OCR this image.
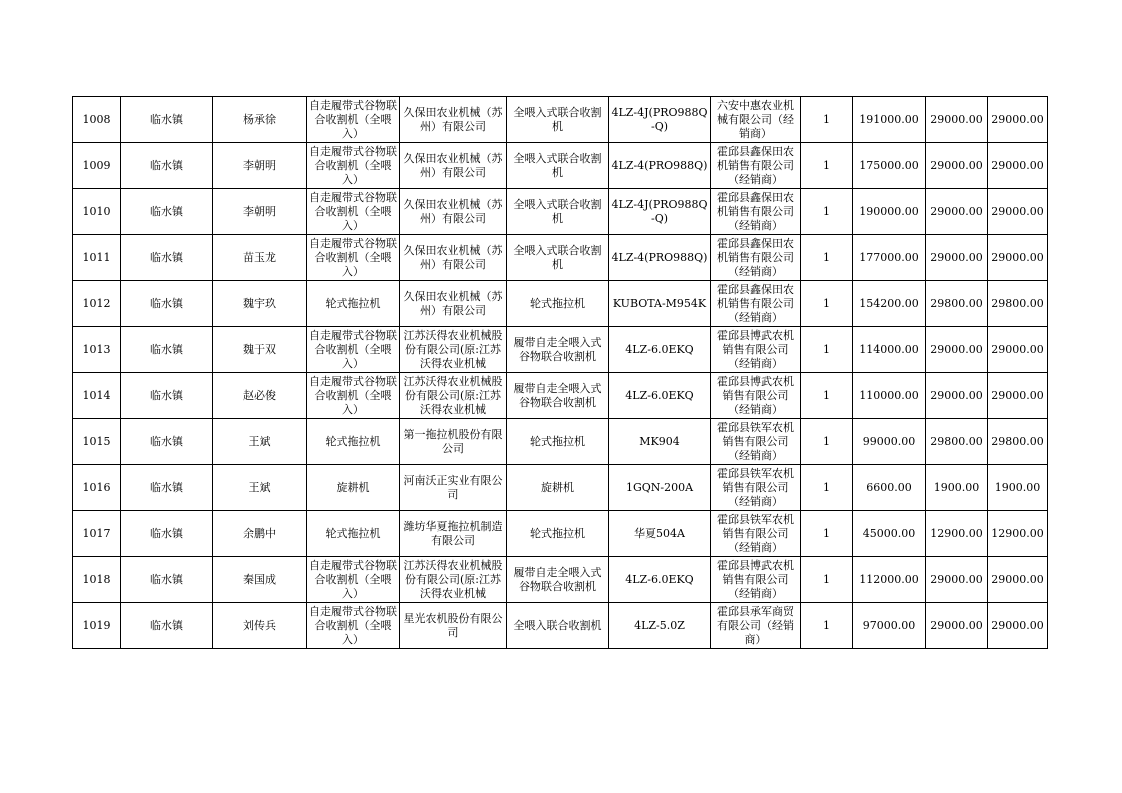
1008	临水镇	杨承徐	自走履带式谷物联合收割机（全喂入）	久保田农业机械（苏州）有限公司	全喂入式联合收割机	4LZ-4J(PRO988Q-Q)	六安中惠农业机械有限公司（经销商）	1	191000.00	29000.00	29000.00
1009	临水镇	李朝明	自走履带式谷物联合收割机（全喂入）	久保田农业机械（苏州）有限公司	全喂入式联合收割机	4LZ-4(PRO988Q)	霍邱县鑫保田农机销售有限公司（经销商）	1	175000.00	29000.00	29000.00
1010	临水镇	李朝明	自走履带式谷物联合收割机（全喂入）	久保田农业机械（苏州）有限公司	全喂入式联合收割机	4LZ-4J(PRO988Q-Q)	霍邱县鑫保田农机销售有限公司（经销商）	1	190000.00	29000.00	29000.00
1011	临水镇	苗玉龙	自走履带式谷物联合收割机（全喂入）	久保田农业机械（苏州）有限公司	全喂入式联合收割机	4LZ-4(PRO988Q)	霍邱县鑫保田农机销售有限公司（经销商）	1	177000.00	29000.00	29000.00
1012	临水镇	魏宇玖	轮式拖拉机	久保田农业机械（苏州）有限公司	轮式拖拉机	KUBOTA-M954K	霍邱县鑫保田农机销售有限公司（经销商）	1	154200.00	29800.00	29800.00
1013	临水镇	魏于双	自走履带式谷物联合收割机（全喂入）	江苏沃得农业机械股份有限公司(原:江苏沃得农业机械	履带自走全喂入式谷物联合收割机	4LZ-6.0EKQ	霍邱县博武农机销售有限公司（经销商）	1	114000.00	29000.00	29000.00
1014	临水镇	赵必俊	自走履带式谷物联合收割机（全喂入）	江苏沃得农业机械股份有限公司(原:江苏沃得农业机械	履带自走全喂入式谷物联合收割机	4LZ-6.0EKQ	霍邱县博武农机销售有限公司（经销商）	1	110000.00	29000.00	29000.00
1015	临水镇	王斌	轮式拖拉机	第一拖拉机股份有限公司	轮式拖拉机	MK904	霍邱县铁军农机销售有限公司（经销商）	1	99000.00	29800.00	29800.00
1016	临水镇	王斌	旋耕机	河南沃正实业有限公司	旋耕机	1GQN-200A	霍邱县铁军农机销售有限公司（经销商）	1	6600.00	1900.00	1900.00
1017	临水镇	余鹏中	轮式拖拉机	潍坊华夏拖拉机制造有限公司	轮式拖拉机	华夏504A	霍邱县铁军农机销售有限公司（经销商）	1	45000.00	12900.00	12900.00
1018	临水镇	秦国成	自走履带式谷物联合收割机（全喂入）	江苏沃得农业机械股份有限公司(原:江苏沃得农业机械	履带自走全喂入式谷物联合收割机	4LZ-6.0EKQ	霍邱县博武农机销售有限公司（经销商）	1	112000.00	29000.00	29000.00
1019	临水镇	刘传兵	自走履带式谷物联合收割机（全喂入）	星光农机股份有限公司	全喂入联合收割机	4LZ-5.0Z	霍邱县承军商贸有限公司（经销商）	1	97000.00	29000.00	29000.00
